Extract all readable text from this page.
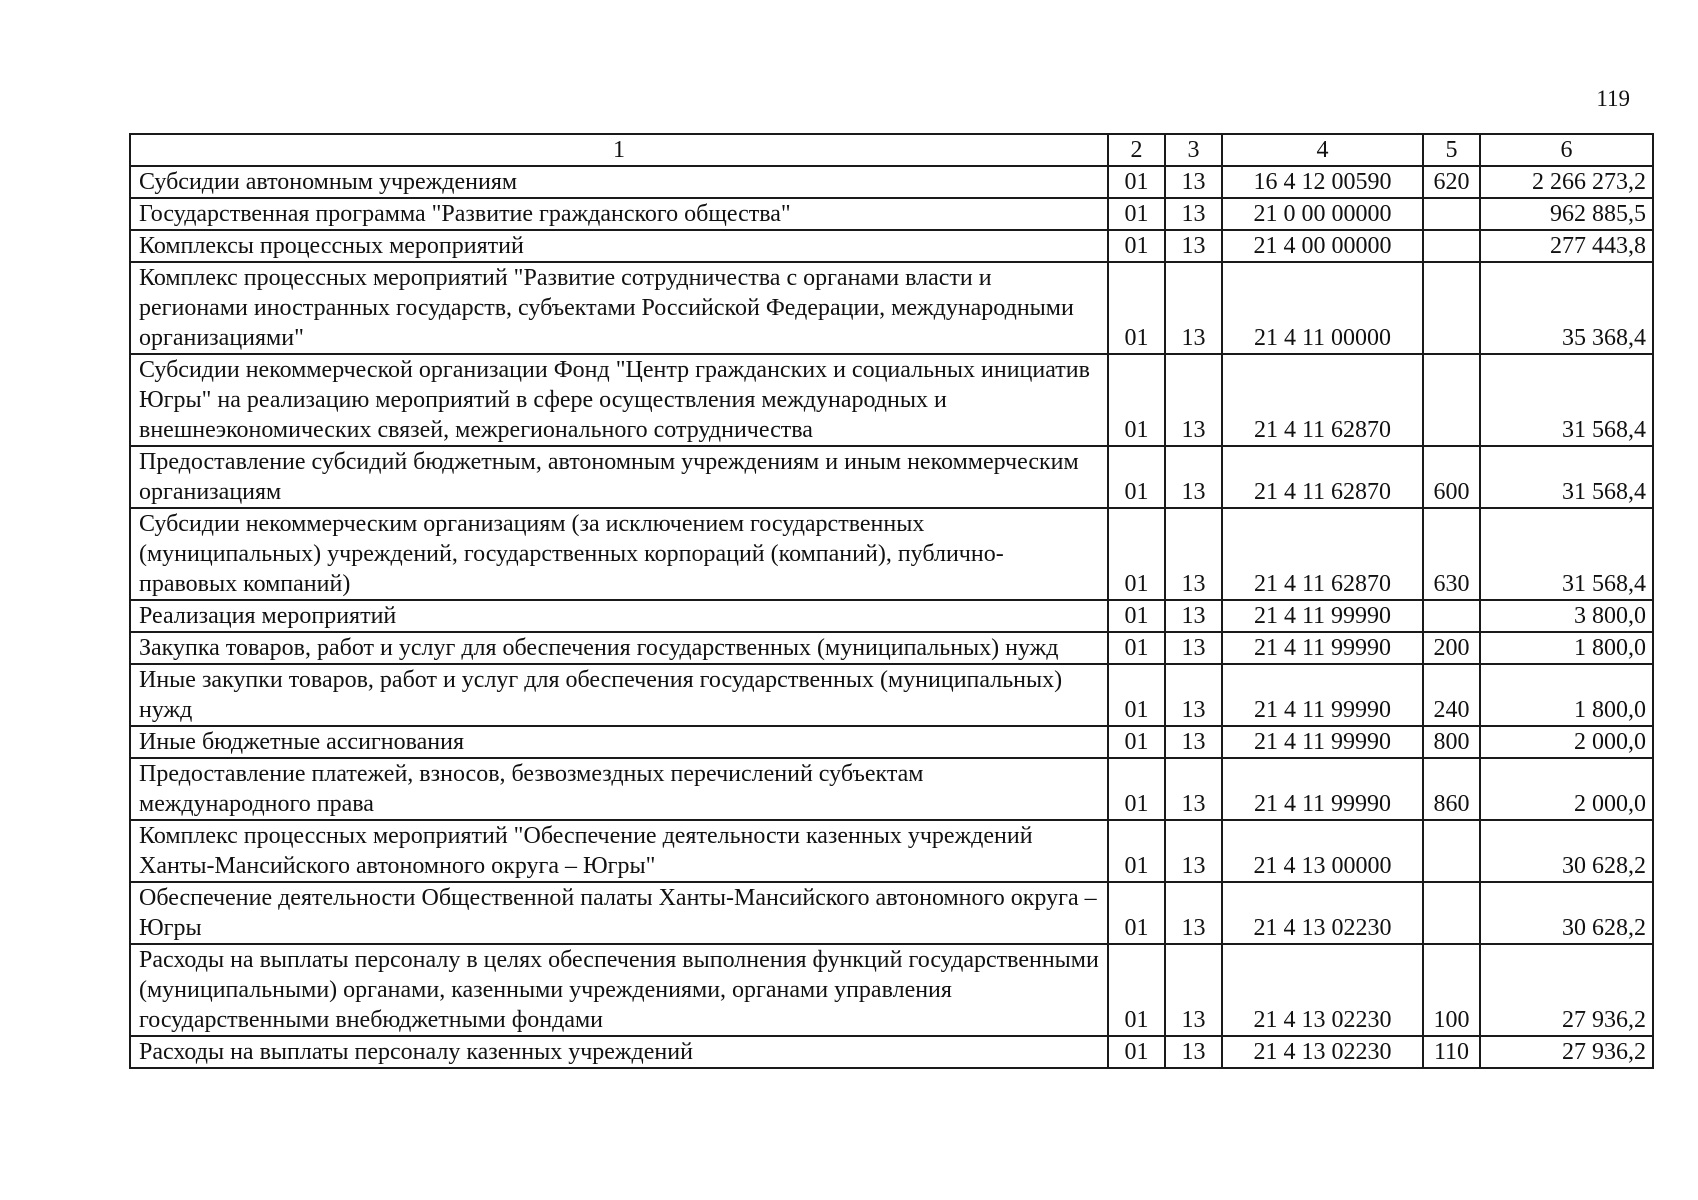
119
1	2	3	4	5	6
Субсидии автономным учреждениям	01	13	16 4 12 00590	620	2 266 273,2
Государственная программа "Развитие гражданского общества"	01	13	21 0 00 00000		962 885,5
Комплексы процессных мероприятий	01	13	21 4 00 00000		277 443,8
Комплекс процессных мероприятий "Развитие сотрудничества с органами власти и регионами иностранных государств, субъектами Российской Федерации, международными организациями"	01	13	21 4 11 00000		35 368,4
Субсидии некоммерческой организации Фонд "Центр гражданских и социальных инициатив Югры" на реализацию мероприятий в сфере осуществления международных и внешнеэкономических связей, межрегионального сотрудничества	01	13	21 4 11 62870		31 568,4
Предоставление субсидий бюджетным, автономным учреждениям и иным некоммерческим организациям	01	13	21 4 11 62870	600	31 568,4
Субсидии некоммерческим организациям (за исключением государственных (муниципальных) учреждений, государственных корпораций (компаний), публично-правовых компаний)	01	13	21 4 11 62870	630	31 568,4
Реализация мероприятий	01	13	21 4 11 99990		3 800,0
Закупка товаров, работ и услуг для обеспечения государственных (муниципальных) нужд	01	13	21 4 11 99990	200	1 800,0
Иные закупки товаров, работ и услуг для обеспечения государственных (муниципальных) нужд	01	13	21 4 11 99990	240	1 800,0
Иные бюджетные ассигнования	01	13	21 4 11 99990	800	2 000,0
Предоставление платежей, взносов, безвозмездных перечислений субъектам международного права	01	13	21 4 11 99990	860	2 000,0
Комплекс процессных мероприятий "Обеспечение деятельности казенных учреждений Ханты-Мансийского автономного округа – Югры"	01	13	21 4 13 00000		30 628,2
Обеспечение деятельности Общественной палаты Ханты-Мансийского автономного округа – Югры	01	13	21 4 13 02230		30 628,2
Расходы на выплаты персоналу в целях обеспечения выполнения функций государственными (муниципальными) органами, казенными учреждениями, органами управления государственными внебюджетными фондами	01	13	21 4 13 02230	100	27 936,2
Расходы на выплаты персоналу казенных учреждений	01	13	21 4 13 02230	110	27 936,2
